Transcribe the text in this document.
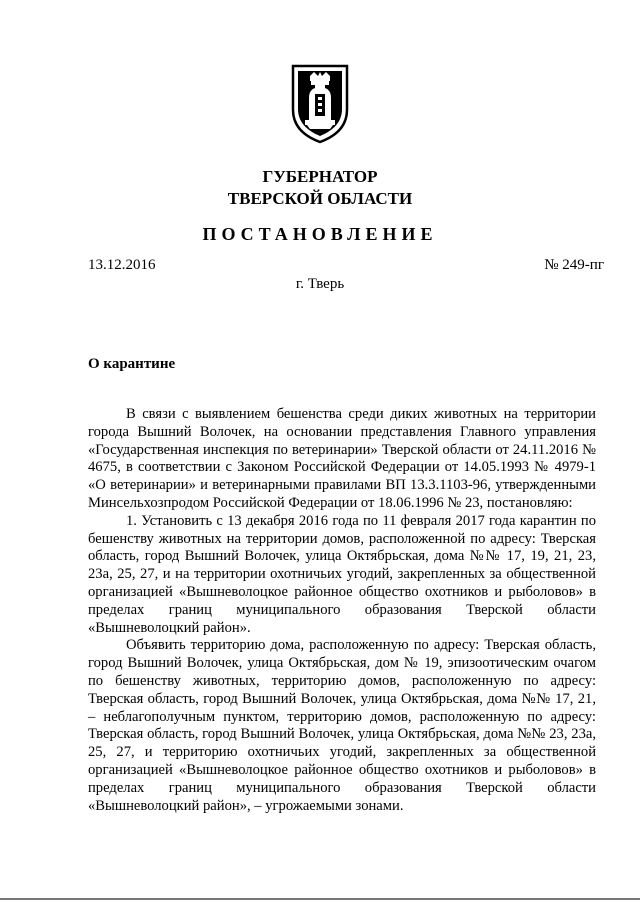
ГУБЕРНАТОР
ТВЕРСКОЙ ОБЛАСТИ
ПОСТАНОВЛЕНИЕ
13.12.2016	№ 249-пг
г. Тверь
О карантине

В связи с выявлением бешенства среди диких животных на территории города Вышний Волочек, на основании представления Главного управления «Государственная инспекция по ветеринарии» Тверской области от 24.11.2016 № 4675, в соответствии с Законом Российской Федерации от 14.05.1993 № 4979-1 «О ветеринарии» и ветеринарными правилами ВП 13.3.1103-96, утвержденными Минсельхозпродом Российской Федерации от 18.06.1996 № 23, постановляю:

1. Установить с 13 декабря 2016 года по 11 февраля 2017 года карантин по бешенству животных на территории домов, расположенной по адресу: Тверская область, город Вышний Волочек, улица Октябрьская, дома №№ 17, 19, 21, 23, 23а, 25, 27, и на территории охотничьих угодий, закрепленных за общественной организацией «Вышневолоцкое районное общество охотников и рыболовов» в пределах границ муниципального образования Тверской области «Вышневолоцкий район».

Объявить территорию дома, расположенную по адресу: Тверская область, город Вышний Волочек, улица Октябрьская, дом № 19, эпизоотическим очагом по бешенству животных, территорию домов, расположенную по адресу: Тверская область, город Вышний Волочек, улица Октябрьская, дома №№ 17, 21, – неблагополучным пунктом, территорию домов, расположенную по адресу: Тверская область, город Вышний Волочек, улица Октябрьская, дома №№ 23, 23а, 25, 27, и территорию охотничьих угодий, закрепленных за общественной организацией «Вышневолоцкое районное общество охотников и рыболовов» в пределах границ муниципального образования Тверской области «Вышневолоцкий район», – угрожаемыми зонами.
